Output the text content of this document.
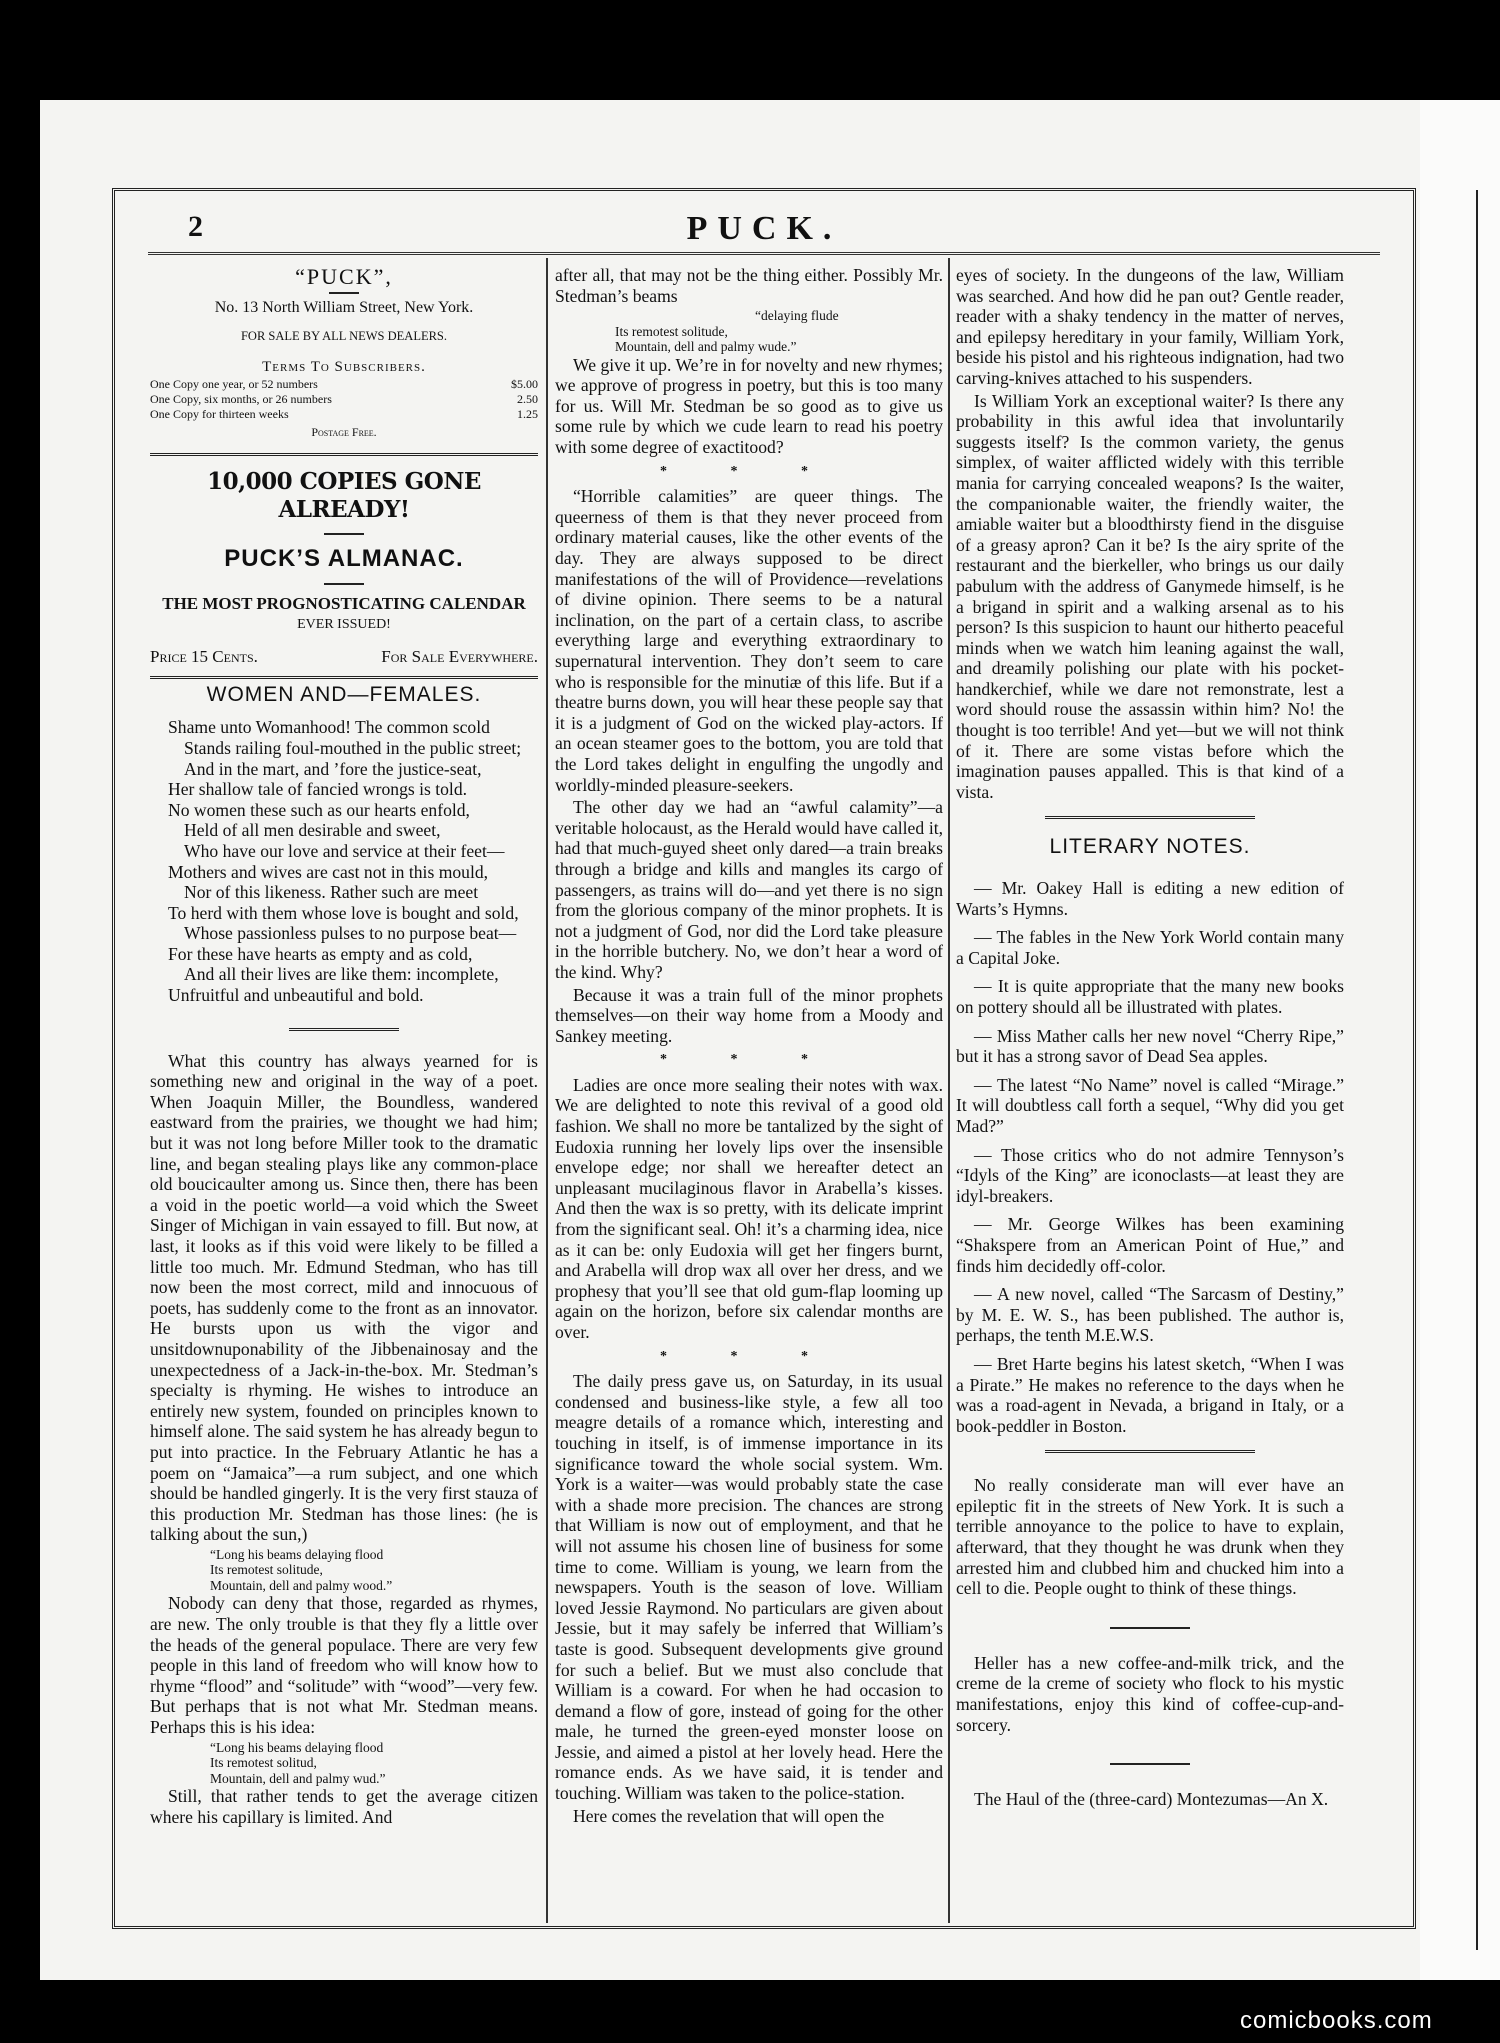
2	PUCK.
“PUCK”,
No. 13 North William Street, New York.
FOR SALE BY ALL NEWS DEALERS.
Terms To Subscribers.
One Copy one year, or 52 numbers	$5.00
One Copy, six months, or 26 numbers	2.50
One Copy for thirteen weeks	1.25
Postage Free.
10,000 COPIES GONE ALREADY!
PUCK’S ALMANAC.
THE MOST PROGNOSTICATING CALENDAR
EVER ISSUED!
Price 15 Cents.	For Sale Everywhere.
WOMEN AND—FEMALES.
Shame unto Womanhood! The common scold
Stands railing foul-mouthed in the public street;
And in the mart, and ’fore the justice-seat,
Her shallow tale of fancied wrongs is told.
No women these such as our hearts enfold,
Held of all men desirable and sweet,
Who have our love and service at their feet—
Mothers and wives are cast not in this mould,
Nor of this likeness. Rather such are meet
To herd with them whose love is bought and sold,
Whose passionless pulses to no purpose beat—
For these have hearts as empty and as cold,
And all their lives are like them: incomplete,
Unfruitful and unbeautiful and bold.

What this country has always yearned for is something new and original in the way of a poet. When Joaquin Miller, the Boundless, wandered eastward from the prairies, we thought we had him; but it was not long before Miller took to the dramatic line, and began stealing plays like any common-place old boucicaulter among us. Since then, there has been a void in the poetic world—a void which the Sweet Singer of Michigan in vain essayed to fill. But now, at last, it looks as if this void were likely to be filled a little too much. Mr. Edmund Stedman, who has till now been the most correct, mild and innocuous of poets, has suddenly come to the front as an innovator. He bursts upon us with the vigor and unsitdownuponability of the Jibbenainosay and the unexpectedness of a Jack-in-the-box. Mr. Stedman’s specialty is rhyming. He wishes to introduce an entirely new system, founded on principles known to himself alone. The said system he has already begun to put into practice. In the February Atlantic he has a poem on “Jamaica”—a rum subject, and one which should be handled gingerly. It is the very first stauza of this production Mr. Stedman has those lines: (he is talking about the sun,)

“Long his beams delaying flood
Its remotest solitude,
Mountain, dell and palmy wood.”

Nobody can deny that those, regarded as rhymes, are new. The only trouble is that they fly a little over the heads of the general populace. There are very few people in this land of freedom who will know how to rhyme “flood” and “solitude” with “wood”—very few. But perhaps that is not what Mr. Stedman means. Perhaps this is his idea:

“Long his beams delaying flood
Its remotest solitud,
Mountain, dell and palmy wud.”

Still, that rather tends to get the average citizen where his capillary is limited. And

after all, that may not be the thing either. Possibly Mr. Stedman’s beams

“delaying flude
Its remotest solitude,
Mountain, dell and palmy wude.”

We give it up. We’re in for novelty and new rhymes; we approve of progress in poetry, but this is too many for us. Will Mr. Stedman be so good as to give us some rule by which we cude learn to read his poetry with some degree of exactitood?

* * *

“Horrible calamities” are queer things. The queerness of them is that they never proceed from ordinary material causes, like the other events of the day. They are always supposed to be direct manifestations of the will of Providence—revelations of divine opinion. There seems to be a natural inclination, on the part of a certain class, to ascribe everything large and everything extraordinary to supernatural intervention. They don’t seem to care who is responsible for the minutiæ of this life. But if a theatre burns down, you will hear these people say that it is a judgment of God on the wicked play-actors. If an ocean steamer goes to the bottom, you are told that the Lord takes delight in engulfing the ungodly and worldly-minded pleasure-seekers.

The other day we had an “awful calamity”—a veritable holocaust, as the Herald would have called it, had that much-guyed sheet only dared—a train breaks through a bridge and kills and mangles its cargo of passengers, as trains will do—and yet there is no sign from the glorious company of the minor prophets. It is not a judgment of God, nor did the Lord take pleasure in the horrible butchery. No, we don’t hear a word of the kind. Why?

Because it was a train full of the minor prophets themselves—on their way home from a Moody and Sankey meeting.

* * *

Ladies are once more sealing their notes with wax. We are delighted to note this revival of a good old fashion. We shall no more be tantalized by the sight of Eudoxia running her lovely lips over the insensible envelope edge; nor shall we hereafter detect an unpleasant mucilaginous flavor in Arabella’s kisses. And then the wax is so pretty, with its delicate imprint from the significant seal. Oh! it’s a charming idea, nice as it can be: only Eudoxia will get her fingers burnt, and Arabella will drop wax all over her dress, and we prophesy that you’ll see that old gum-flap looming up again on the horizon, before six calendar months are over.

* * *

The daily press gave us, on Saturday, in its usual condensed and business-like style, a few all too meagre details of a romance which, interesting and touching in itself, is of immense importance in its significance toward the whole social system. Wm. York is a waiter—was would probably state the case with a shade more precision. The chances are strong that William is now out of employment, and that he will not assume his chosen line of business for some time to come. William is young, we learn from the newspapers. Youth is the season of love. William loved Jessie Raymond. No particulars are given about Jessie, but it may safely be inferred that William’s taste is good. Subsequent developments give ground for such a belief. But we must also conclude that William is a coward. For when he had occasion to demand a flow of gore, instead of going for the other male, he turned the green-eyed monster loose on Jessie, and aimed a pistol at her lovely head. Here the romance ends. As we have said, it is tender and touching. William was taken to the police-station.

Here comes the revelation that will open the

eyes of society. In the dungeons of the law, William was searched. And how did he pan out? Gentle reader, reader with a shaky tendency in the matter of nerves, and epilepsy hereditary in your family, William York, beside his pistol and his righteous indignation, had two carving-knives attached to his suspenders.

Is William York an exceptional waiter? Is there any probability in this awful idea that involuntarily suggests itself? Is the common variety, the genus simplex, of waiter afflicted widely with this terrible mania for carrying concealed weapons? Is the waiter, the companionable waiter, the friendly waiter, the amiable waiter but a bloodthirsty fiend in the disguise of a greasy apron? Can it be? Is the airy sprite of the restaurant and the bierkeller, who brings us our daily pabulum with the address of Ganymede himself, is he a brigand in spirit and a walking arsenal as to his person? Is this suspicion to haunt our hitherto peaceful minds when we watch him leaning against the wall, and dreamily polishing our plate with his pocket-handkerchief, while we dare not remonstrate, lest a word should rouse the assassin within him? No! the thought is too terrible! And yet—but we will not think of it. There are some vistas before which the imagination pauses appalled. This is that kind of a vista.

LITERARY NOTES.

— Mr. Oakey Hall is editing a new edition of Warts’s Hymns.

— The fables in the New York World contain many a Capital Joke.

— It is quite appropriate that the many new books on pottery should all be illustrated with plates.

— Miss Mather calls her new novel “Cherry Ripe,” but it has a strong savor of Dead Sea apples.

— The latest “No Name” novel is called “Mirage.” It will doubtless call forth a sequel, “Why did you get Mad?”

— Those critics who do not admire Tennyson’s “Idyls of the King” are iconoclasts—at least they are idyl-breakers.

— Mr. George Wilkes has been examining “Shakspere from an American Point of Hue,” and finds him decidedly off-color.

— A new novel, called “The Sarcasm of Destiny,” by M. E. W. S., has been published. The author is, perhaps, the tenth M.E.W.S.

— Bret Harte begins his latest sketch, “When I was a Pirate.” He makes no reference to the days when he was a road-agent in Nevada, a brigand in Italy, or a book-peddler in Boston.

No really considerate man will ever have an epileptic fit in the streets of New York. It is such a terrible annoyance to the police to have to explain, afterward, that they thought he was drunk when they arrested him and clubbed him and chucked him into a cell to die. People ought to think of these things.

Heller has a new coffee-and-milk trick, and the creme de la creme of society who flock to his mystic manifestations, enjoy this kind of coffee-cup-and-sorcery.

The Haul of the (three-card) Montezumas—An X.

comicbooks.com
